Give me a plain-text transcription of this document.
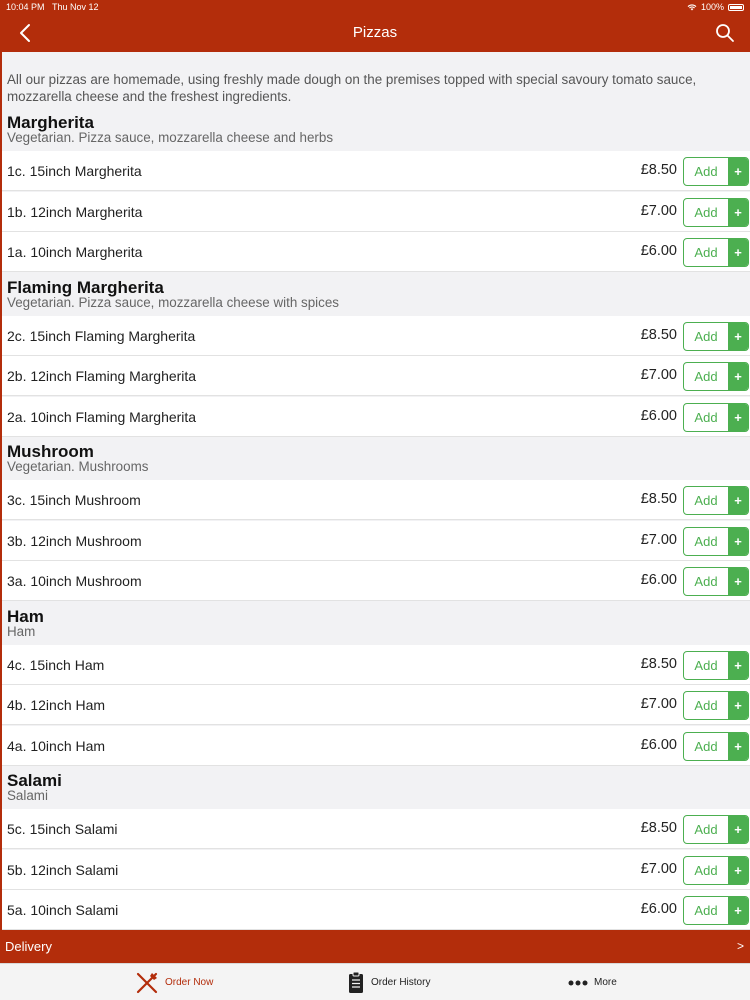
10:04 PM Thu Nov 12	100%
Pizzas
All our pizzas are homemade, using freshly made dough on the premises topped with special savoury tomato sauce, mozzarella cheese and the freshest ingredients.
Margherita
Vegetarian. Pizza sauce, mozzarella cheese and herbs
1c. 15inch Margherita	£8.50	Add	+
1b. 12inch Margherita	£7.00	Add	+
1a. 10inch Margherita	£6.00	Add	+
Flaming Margherita
Vegetarian. Pizza sauce, mozzarella cheese with spices
2c. 15inch Flaming Margherita	£8.50	Add	+
2b. 12inch Flaming Margherita	£7.00	Add	+
2a. 10inch Flaming Margherita	£6.00	Add	+
Mushroom
Vegetarian. Mushrooms
3c. 15inch Mushroom	£8.50	Add	+
3b. 12inch Mushroom	£7.00	Add	+
3a. 10inch Mushroom	£6.00	Add	+
Ham
Ham
4c. 15inch Ham	£8.50	Add	+
4b. 12inch Ham	£7.00	Add	+
4a. 10inch Ham	£6.00	Add	+
Salami
Salami
5c. 15inch Salami	£8.50	Add	+
5b. 12inch Salami	£7.00	Add	+
5a. 10inch Salami	£6.00	Add	+
Delivery	>
Order Now	Order History	More
